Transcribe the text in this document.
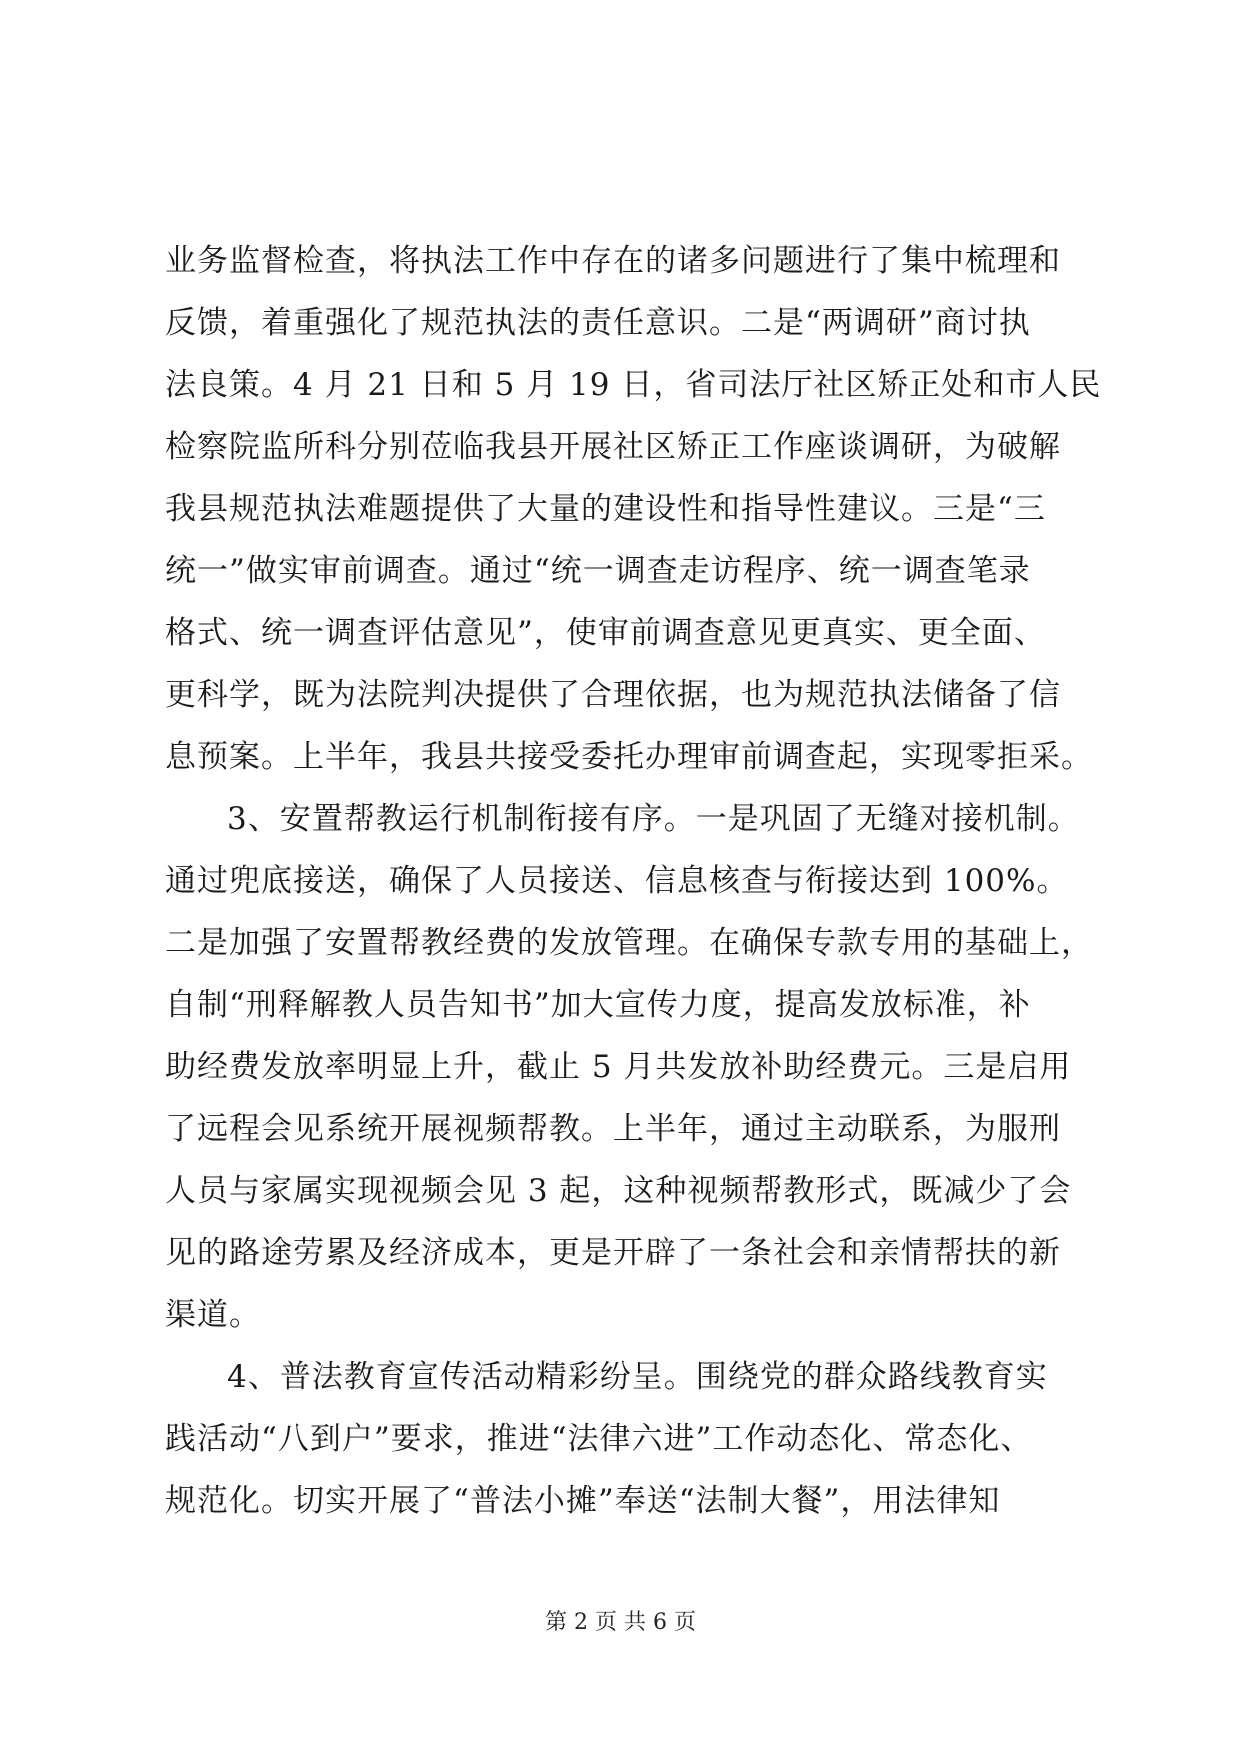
业务监督检查，将执法工作中存在的诸多问题进行了集中梳理和
反馈，着重强化了规范执法的责任意识。二是“两调研”商讨执
法良策。4 月 21 日和 5 月 19 日，省司法厅社区矫正处和市人民
检察院监所科分别莅临我县开展社区矫正工作座谈调研，为破解
我县规范执法难题提供了大量的建设性和指导性建议。三是“三
统一”做实审前调查。通过“统一调查走访程序、统一调查笔录
格式、统一调查评估意见”，使审前调查意见更真实、更全面、
更科学，既为法院判决提供了合理依据，也为规范执法储备了信
息预案。上半年，我县共接受委托办理审前调查起，实现零拒采。
3、安置帮教运行机制衔接有序。一是巩固了无缝对接机制。
通过兜底接送，确保了人员接送、信息核查与衔接达到 100%。
二是加强了安置帮教经费的发放管理。在确保专款专用的基础上，
自制“刑释解教人员告知书”加大宣传力度，提高发放标准，补
助经费发放率明显上升，截止 5 月共发放补助经费元。三是启用
了远程会见系统开展视频帮教。上半年，通过主动联系，为服刑
人员与家属实现视频会见 3 起，这种视频帮教形式，既减少了会
见的路途劳累及经济成本，更是开辟了一条社会和亲情帮扶的新
渠道。
4、普法教育宣传活动精彩纷呈。围绕党的群众路线教育实
践活动“八到户”要求，推进“法律六进”工作动态化、常态化、
规范化。切实开展了“普法小摊”奉送“法制大餐”，用法律知
第 2 页 共 6 页
